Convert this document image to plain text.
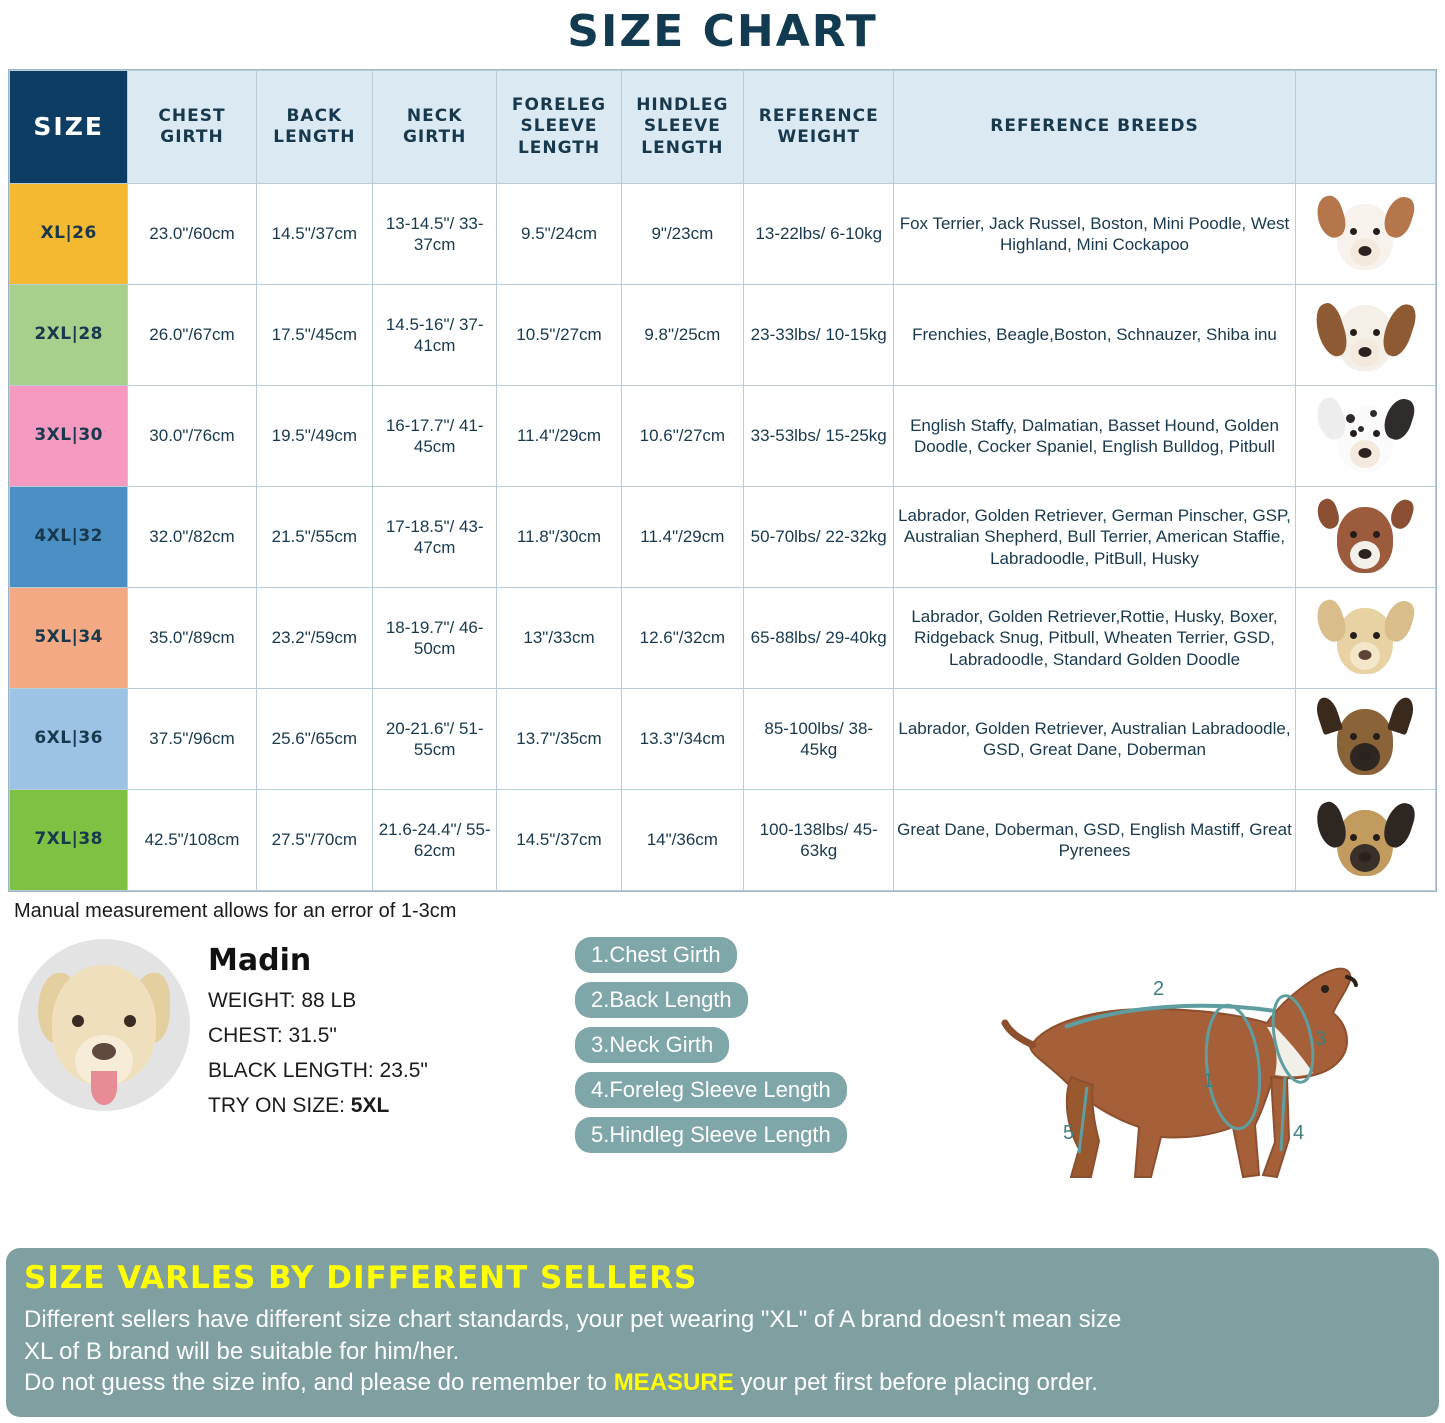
SIZE CHART
SIZE	CHEST GIRTH	BACK LENGTH	NECK GIRTH	FORELEG SLEEVE LENGTH	HINDLEG SLEEVE LENGTH	REFERENCE WEIGHT	REFERENCE BREEDS	
XL|26	23.0"/60cm	14.5"/37cm	13-14.5"/ 33-37cm	9.5"/24cm	9"/23cm	13-22lbs/ 6-10kg	Fox Terrier, Jack Russel, Boston, Mini Poodle, West Highland, Mini Cockapoo	

2XL|28	26.0"/67cm	17.5"/45cm	14.5-16"/ 37-41cm	10.5"/27cm	9.8"/25cm	23-33lbs/ 10-15kg	Frenchies, Beagle,Boston, Schnauzer, Shiba inu	

3XL|30	30.0"/76cm	19.5"/49cm	16-17.7"/ 41-45cm	11.4"/29cm	10.6"/27cm	33-53lbs/ 15-25kg	English Staffy, Dalmatian, Basset Hound, Golden Doodle, Cocker Spaniel, English Bulldog, Pitbull	

4XL|32	32.0"/82cm	21.5"/55cm	17-18.5"/ 43-47cm	11.8"/30cm	11.4"/29cm	50-70lbs/ 22-32kg	Labrador, Golden Retriever, German Pinscher, GSP, Australian Shepherd, Bull Terrier, American Staffie, Labradoodle, PitBull, Husky	

5XL|34	35.0"/89cm	23.2"/59cm	18-19.7"/ 46-50cm	13"/33cm	12.6"/32cm	65-88lbs/ 29-40kg	Labrador, Golden Retriever,Rottie, Husky, Boxer, Ridgeback Snug, Pitbull, Wheaten Terrier, GSD, Labradoodle, Standard Golden Doodle	

6XL|36	37.5"/96cm	25.6"/65cm	20-21.6"/ 51-55cm	13.7"/35cm	13.3"/34cm	85-100lbs/ 38-45kg	Labrador, Golden Retriever, Australian Labradoodle, GSD, Great Dane, Doberman	

7XL|38	42.5"/108cm	27.5"/70cm	21.6-24.4"/ 55-62cm	14.5"/37cm	14"/36cm	100-138lbs/ 45-63kg	Great Dane, Doberman, GSD, English Mastiff, Great Pyrenees	
Manual measurement allows for an error of 1-3cm
Madin
WEIGHT: 88 LB
CHEST: 31.5"
BLACK LENGTH: 23.5"
TRY ON SIZE: 5XL
1.Chest Girth
2.Back Length
3.Neck Girth
4.Foreleg Sleeve Length
5.Hindleg Sleeve Length
1
2
3
4
5
SIZE VARLES BY DIFFERENT SELLERS
Different sellers have different size chart standards, your pet wearing "XL" of A brand doesn't mean size
XL of B brand will be suitable for him/her.
Do not guess the size info, and please do remember to MEASURE your pet first before placing order.
